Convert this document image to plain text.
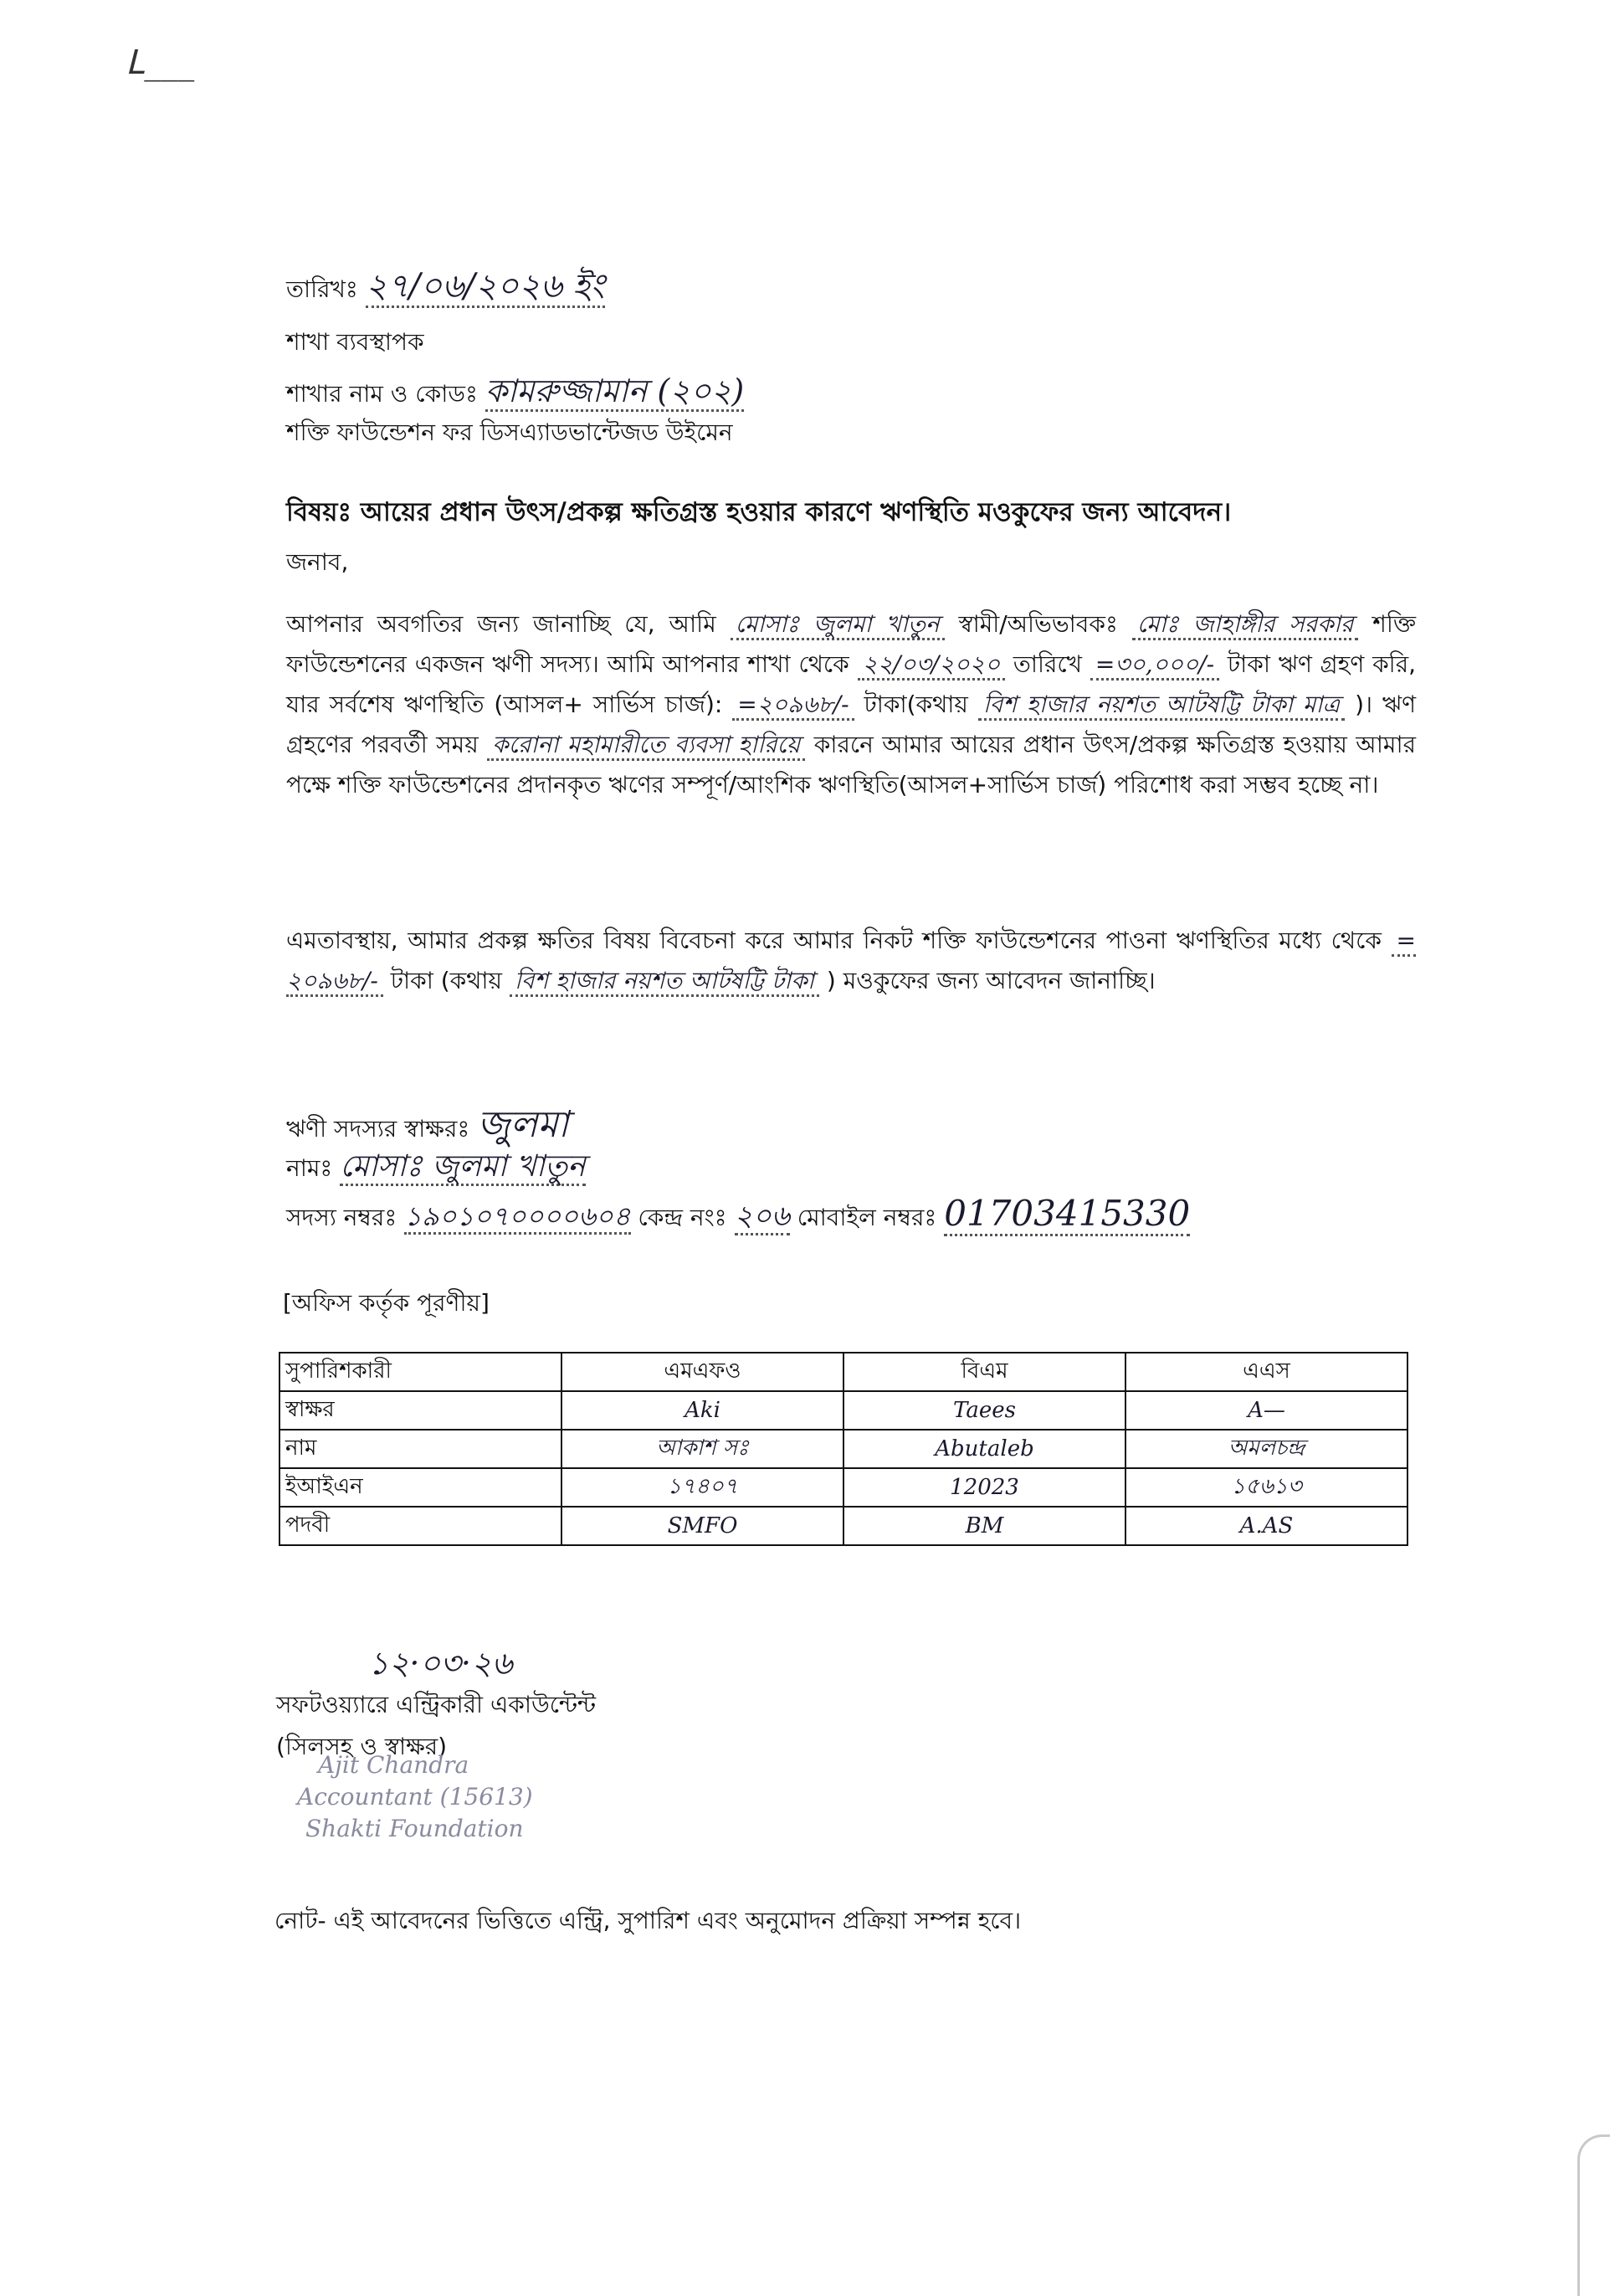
ᒪ___
তারিখঃ ২৭/০৬/২০২৬ ইং
শাখা ব্যবস্থাপক
শাখার নাম ও কোডঃ কামরুজ্জামান (২০২)
শক্তি ফাউন্ডেশন ফর ডিসএ্যাডভান্টেজড উইমেন
বিষয়ঃ আয়ের প্রধান উৎস/প্রকল্প ক্ষতিগ্রস্ত হওয়ার কারণে ঋণস্থিতি মওকুফের জন্য আবেদন।
জনাব,
আপনার অবগতির জন্য জানাচ্ছি যে, আমি মোসাঃ জুলমা খাতুন স্বামী/অভিভাবকঃ মোঃ জাহাঙ্গীর সরকার শক্তি ফাউন্ডেশনের একজন ঋণী সদস্য। আমি আপনার শাখা থেকে ২২/০৩/২০২০ তারিখে =৩০,০০০/- টাকা ঋণ গ্রহণ করি, যার সর্বশেষ ঋণস্থিতি (আসল+ সার্ভিস চার্জ): =২০৯৬৮/- টাকা(কথায় বিশ হাজার নয়শত আটষট্টি টাকা মাত্র )। ঋণ গ্রহণের পরবর্তী সময় করোনা মহামারীতে ব্যবসা হারিয়ে কারনে আমার আয়ের প্রধান উৎস/প্রকল্প ক্ষতিগ্রস্ত হওয়ায় আমার পক্ষে শক্তি ফাউন্ডেশনের প্রদানকৃত ঋণের সম্পূর্ণ/আংশিক ঋণস্থিতি(আসল+সার্ভিস চার্জ) পরিশোধ করা সম্ভব হচ্ছে না।
এমতাবস্থায়, আমার প্রকল্প ক্ষতির বিষয় বিবেচনা করে আমার নিকট শক্তি ফাউন্ডেশনের পাওনা ঋণস্থিতির মধ্যে থেকে = ২০৯৬৮/- টাকা (কথায় বিশ হাজার নয়শত আটষট্টি টাকা ) মওকুফের জন্য আবেদন জানাচ্ছি।
ঋণী সদস্যর স্বাক্ষরঃ জুলমা
নামঃ মোসাঃ জুলমা খাতুন
সদস্য নম্বরঃ ১৯০১০৭০০০০৬০৪ কেন্দ্র নংঃ ২০৬ মোবাইল নম্বরঃ 01703415330
[অফিস কর্তৃক পূরণীয়]
সুপারিশকারী	এমএফও	বিএম	এএস
স্বাক্ষর	Aki	Taees	A—
নাম	আকাশ সঃ	Abutaleb	অমলচন্দ্র
ইআইএন	১৭৪০৭	12023	১৫৬১৩
পদবী	SMFO	BM	A.AS
১২·০৩·২৬
সফটওয়্যারে এন্ট্রিকারী একাউন্টেন্ট
(সিলসহ ও স্বাক্ষর)
Ajit Chandra
Accountant (15613)
Shakti Foundation
নোট- এই আবেদনের ভিত্তিতে এন্ট্রি, সুপারিশ এবং অনুমোদন প্রক্রিয়া সম্পন্ন হবে।
